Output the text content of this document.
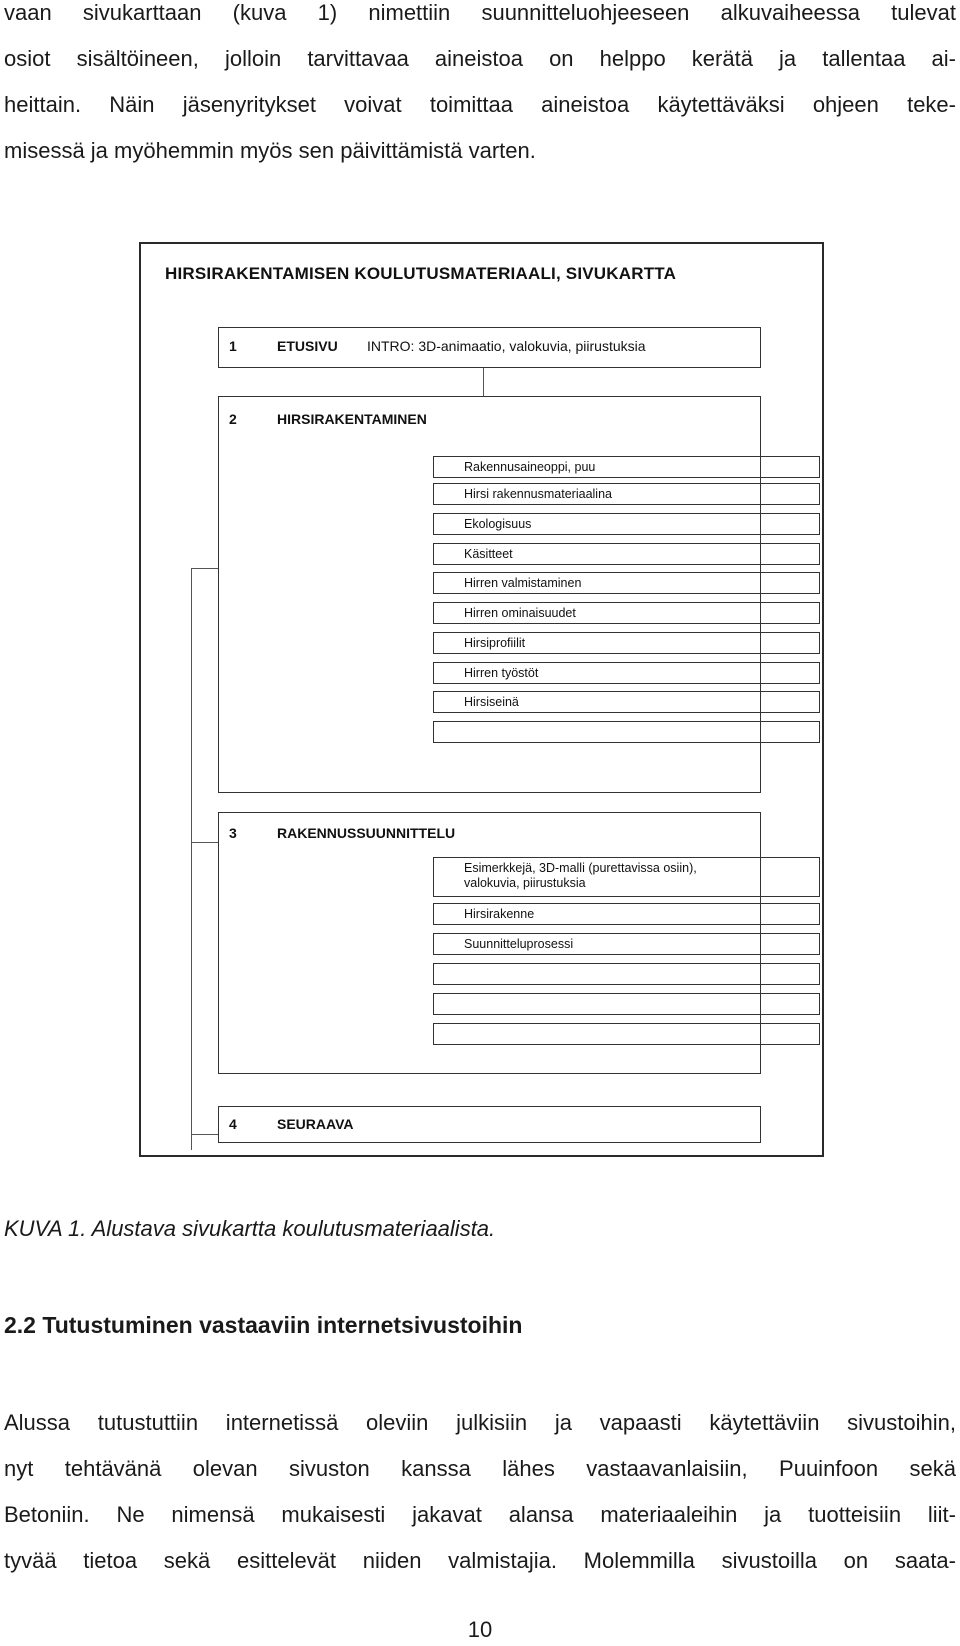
vaan sivukarttaan (kuva 1) nimettiin suunnitteluohjeeseen alkuvaiheessa tulevat
osiot sisältöineen, jolloin tarvittavaa aineistoa on helppo kerätä ja tallentaa ai-
heittain. Näin jäsenyritykset voivat toimittaa aineistoa käytettäväksi ohjeen teke-
misessä ja myöhemmin myös sen päivittämistä varten.
HIRSIRAKENTAMISEN KOULUTUSMATERIAALI, SIVUKARTTA
1	ETUSIVU INTRO: 3D-animaatio, valokuvia, piirustuksia
2	HIRSIRAKENTAMINEN
Rakennusaineoppi, puu
Hirsi rakennusmateriaalina
Ekologisuus
Käsitteet
Hirren valmistaminen
Hirren ominaisuudet
Hirsiprofiilit
Hirren työstöt
Hirsiseinä
3	RAKENNUSSUUNNITTELU
Esimerkkejä, 3D-malli (purettavissa osiin),
valokuvia, piirustuksia
Hirsirakenne
Suunnitteluprosessi
4	SEURAAVA

KUVA 1. Alustava sivukartta koulutusmateriaalista.

2.2 Tutustuminen vastaaviin internetsivustoihin
Alussa tutustuttiin internetissä oleviin julkisiin ja vapaasti käytettäviin sivustoihin,
nyt tehtävänä olevan sivuston kanssa lähes vastaavanlaisiin, Puuinfoon sekä
Betoniin. Ne nimensä mukaisesti jakavat alansa materiaaleihin ja tuotteisiin liit-
tyvää tietoa sekä esittelevät niiden valmistajia. Molemmilla sivustoilla on saata-
10
